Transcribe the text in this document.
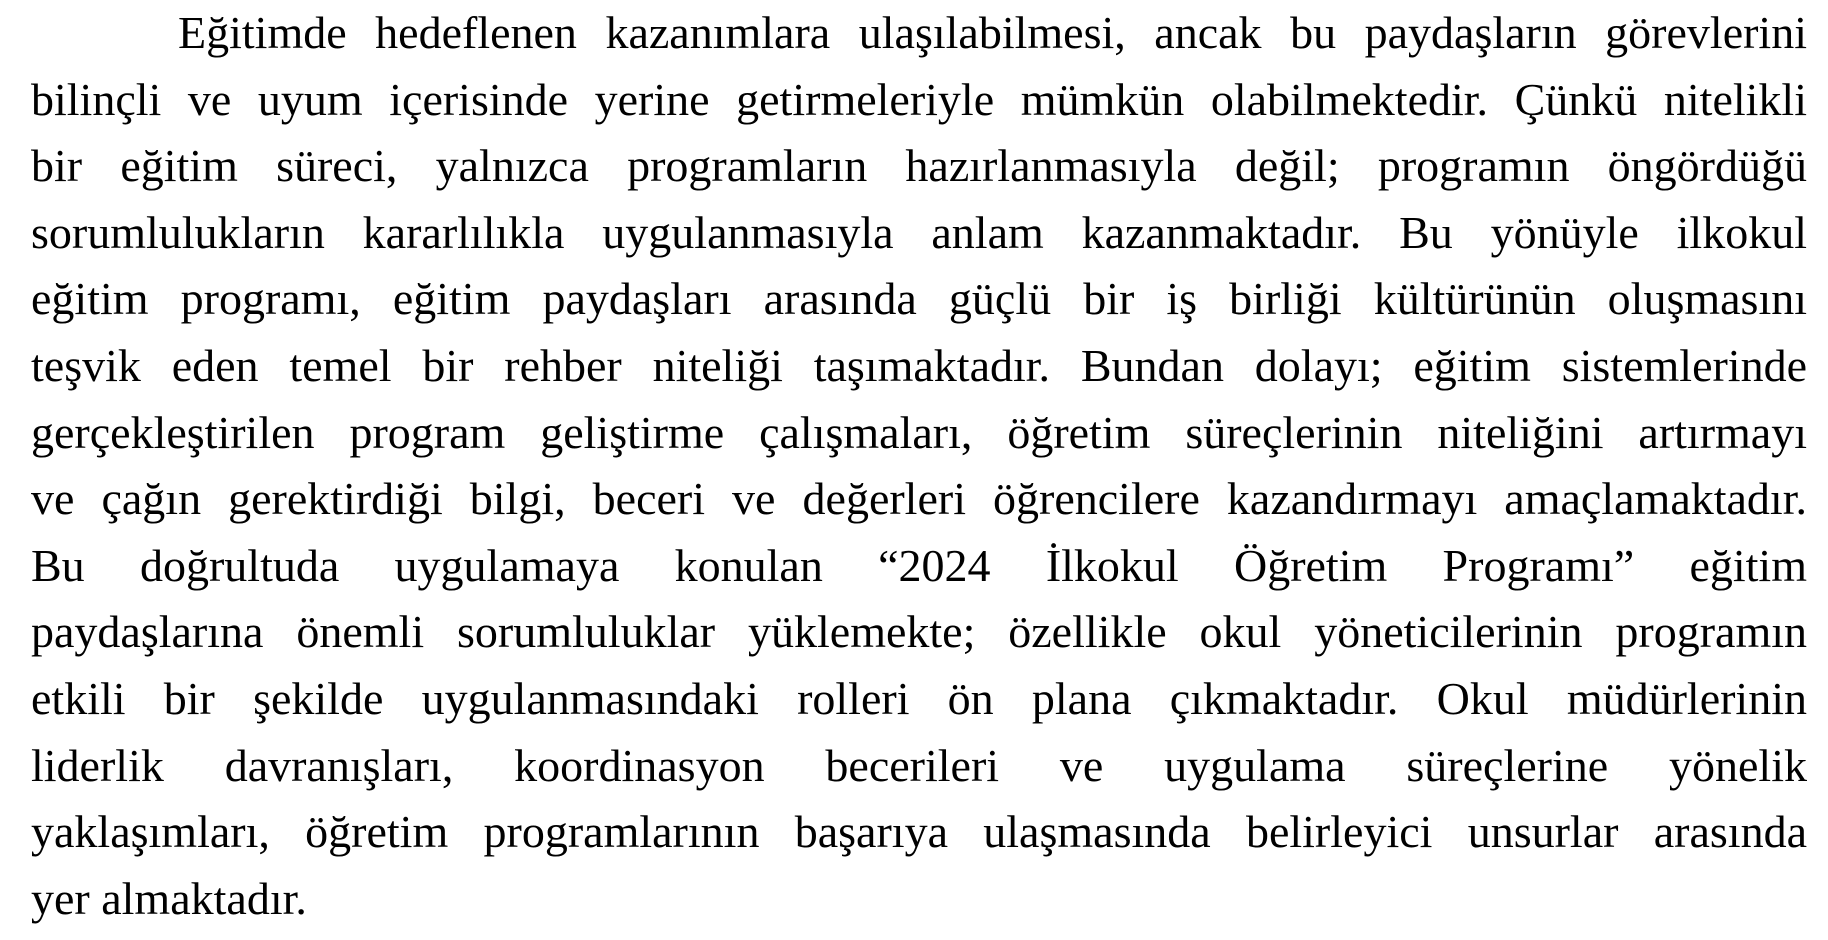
Eğitimde hedeflenen kazanımlara ulaşılabilmesi, ancak bu paydaşların görevlerini
bilinçli ve uyum içerisinde yerine getirmeleriyle mümkün olabilmektedir. Çünkü nitelikli
bir eğitim süreci, yalnızca programların hazırlanmasıyla değil; programın öngördüğü
sorumlulukların kararlılıkla uygulanmasıyla anlam kazanmaktadır. Bu yönüyle ilkokul
eğitim programı, eğitim paydaşları arasında güçlü bir iş birliği kültürünün oluşmasını
teşvik eden temel bir rehber niteliği taşımaktadır. Bundan dolayı; eğitim sistemlerinde
gerçekleştirilen program geliştirme çalışmaları, öğretim süreçlerinin niteliğini artırmayı
ve çağın gerektirdiği bilgi, beceri ve değerleri öğrencilere kazandırmayı amaçlamaktadır.
Bu doğrultuda uygulamaya konulan “2024 İlkokul Öğretim Programı” eğitim
paydaşlarına önemli sorumluluklar yüklemekte; özellikle okul yöneticilerinin programın
etkili bir şekilde uygulanmasındaki rolleri ön plana çıkmaktadır. Okul müdürlerinin
liderlik davranışları, koordinasyon becerileri ve uygulama süreçlerine yönelik
yaklaşımları, öğretim programlarının başarıya ulaşmasında belirleyici unsurlar arasında
yer almaktadır.
